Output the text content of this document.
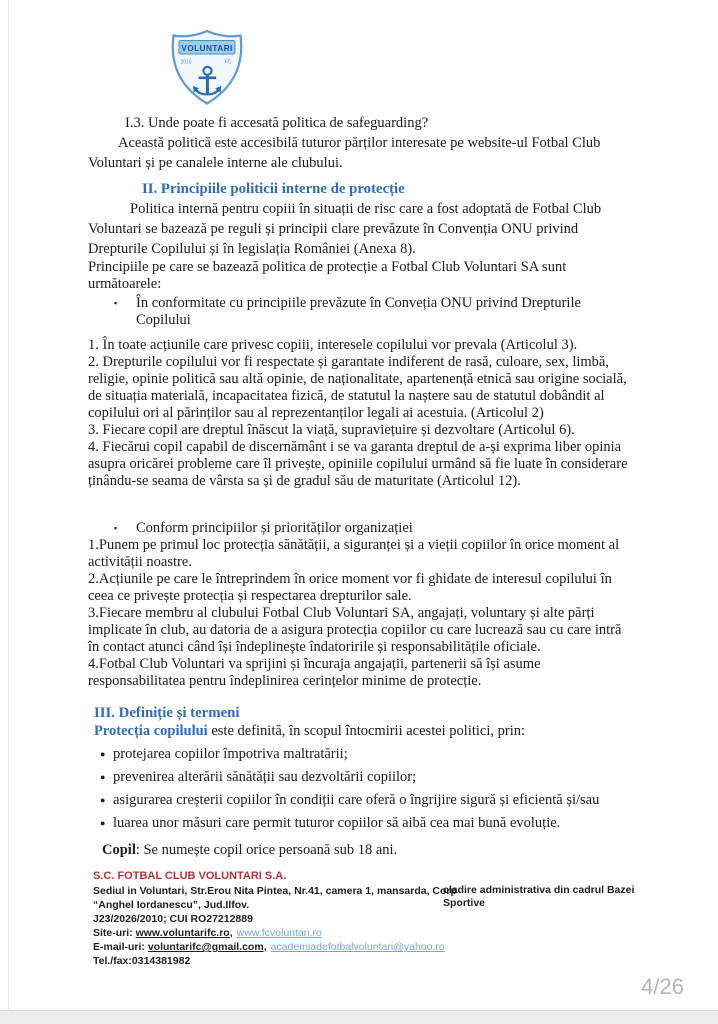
VOLUNTARI
2010	FC
⚓

I.3. Unde poate fi accesată politica de safeguarding?

Această politică este accesibilă tuturor părților interesate pe website-ul Fotbal Club Voluntari și pe canalele interne ale clubului.

II. Principiile politicii interne de protecție

Politica internă pentru copiii în situații de risc care a fost adoptată de Fotbal Club Voluntari se bazează pe reguli și principii clare prevăzute în Convenția ONU privind Drepturile Copilului și în legislația României (Anexa 8).

Principiile pe care se bazează politica de protecție a Fotbal Club Voluntari SA sunt următoarele:

▪	În conformitate cu principiile prevăzute în Conveția ONU privind Drepturile Copilului

1. În toate acțiunile care privesc copiii, interesele copilului vor prevala (Articolul 3).

2. Drepturile copilului vor fi respectate și garantate indiferent de rasă, culoare, sex, limbă, religie, opinie politică sau altă opinie, de naționalitate, apartenență etnică sau origine socială, de situația materială, incapacitatea fizică, de statutul la naștere sau de statutul dobândit al copilului ori al părinților sau al reprezentanților legali ai acestuia. (Articolul 2)

3. Fiecare copil are dreptul înăscut la viață, supraviețuire și dezvoltare (Articolul 6).

4. Fiecărui copil capabil de discernământ i se va garanta dreptul de a-și exprima liber opinia asupra oricărei probleme care îl privește, opiniile copilului urmând să fie luate în considerare ținându-se seama de vârsta sa și de gradul său de maturitate (Articolul 12).

▪	Conform principiilor și priorităților organizației

1.Punem pe primul loc protecția sănătății, a siguranței și a vieții copiilor în orice moment al activității noastre.

2.Acțiunile pe care le întreprindem în orice moment vor fi ghidate de interesul copilului în ceea ce privește protecția și respectarea drepturilor sale.

3.Fiecare membru al clubului Fotbal Club Voluntari SA, angajați, voluntary și alte părți implicate în club, au datoria de a asigura protecția copiilor cu care lucrează sau cu care intră în contact atunci când își îndeplinește îndatoririle și responsabilitățile oficiale.

4.Fotbal Club Voluntari va sprijini și încuraja angajații, partenerii să își asume responsabilitatea pentru îndeplinirea cerințelor minime de protecție.

III. Definiție și termeni

Protecția copilului este definită, în scopul întocmirii acestei politici, prin:

● protejarea copiilor împotriva maltratării;
● prevenirea alterării sănătății sau dezvoltării copiilor;
● asigurarea creșterii copiilor în condiții care oferă o îngrijire sigură și eficientă și/sau
● luarea unor măsuri care permit tuturor copiilor să aibă cea mai bună evoluție.

Copil: Se numește copil orice persoană sub 18 ani.

S.C. FOTBAL CLUB VOLUNTARI S.A.
Sediul in Voluntari, Str.Erou Nita Pintea, Nr.41, camera 1, mansarda, Corp
“Anghel Iordanescu”, Jud.Ilfov.
J23/2026/2010; CUI RO27212889
Site-uri: www.voluntarifc.ro, www.fcvoluntari.ro
E-mail-uri: voluntarifc@gmail.com, academiadefotbalvoluntari@yahoo.ro
Tel./fax:0314381982
cladire administrativa din cadrul Bazei Sportive
4/26
